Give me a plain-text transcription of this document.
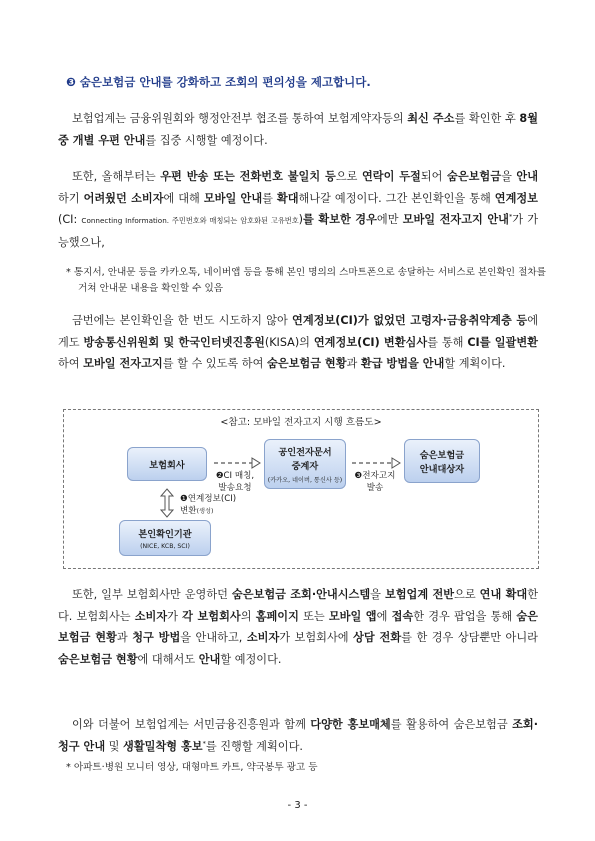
❸ 숨은보험금 안내를 강화하고 조회의 편의성을 제고합니다.

보험업계는 금융위원회와 행정안전부 협조를 통하여 보험계약자등의 최신 주소를 확인한 후 8월 중 개별 우편 안내를 집중 시행할 예정이다.

또한, 올해부터는 우편 반송 또는 전화번호 불일치 등으로 연락이 두절되어 숨은보험금을 안내하기 어려웠던 소비자에 대해 모바일 안내를 확대해나갈 예정이다. 그간 본인확인을 통해 연계정보(CI: Connecting Information. 주민번호와 매칭되는 암호화된 고유번호)를 확보한 경우에만 모바일 전자고지 안내*가 가능했으나,

* 통지서, 안내문 등을 카카오톡, 네이버앱 등을 통해 본인 명의의 스마트폰으로 송달하는 서비스로 본인확인 절차를 거쳐 안내문 내용을 확인할 수 있음

금번에는 본인확인을 한 번도 시도하지 않아 연계정보(CI)가 없었던 고령자·금융취약계층 등에게도 방송통신위원회 및 한국인터넷진흥원(KISA)의 연계정보(CI) 변환심사를 통해 CI를 일괄변환하여 모바일 전자고지를 할 수 있도록 하여 숨은보험금 현황과 환급 방법을 안내할 계획이다.

<참고: 모바일 전자고지 시행 흐름도>
보험회사
공인전자문서
중계자
(카카오, 네이버, 통신사 등)
숨은보험금
안내대상자
본인확인기관
(NICE, KCB, SCI)
❷CI 매칭,
발송요청
❸전자고지
발송
❶연계정보(CI)
변환(생성)

또한, 일부 보험회사만 운영하던 숨은보험금 조회·안내시스템을 보험업계 전반으로 연내 확대한다. 보험회사는 소비자가 각 보험회사의 홈페이지 또는 모바일 앱에 접속한 경우 팝업을 통해 숨은보험금 현황과 청구 방법을 안내하고, 소비자가 보험회사에 상담 전화를 한 경우 상담뿐만 아니라 숨은보험금 현황에 대해서도 안내할 예정이다.

이와 더불어 보험업계는 서민금융진흥원과 함께 다양한 홍보매체를 활용하여 숨은보험금 조회·청구 안내 및 생활밀착형 홍보*를 진행할 계획이다.

* 아파트·병원 모니터 영상, 대형마트 카트, 약국봉투 광고 등
- 3 -
